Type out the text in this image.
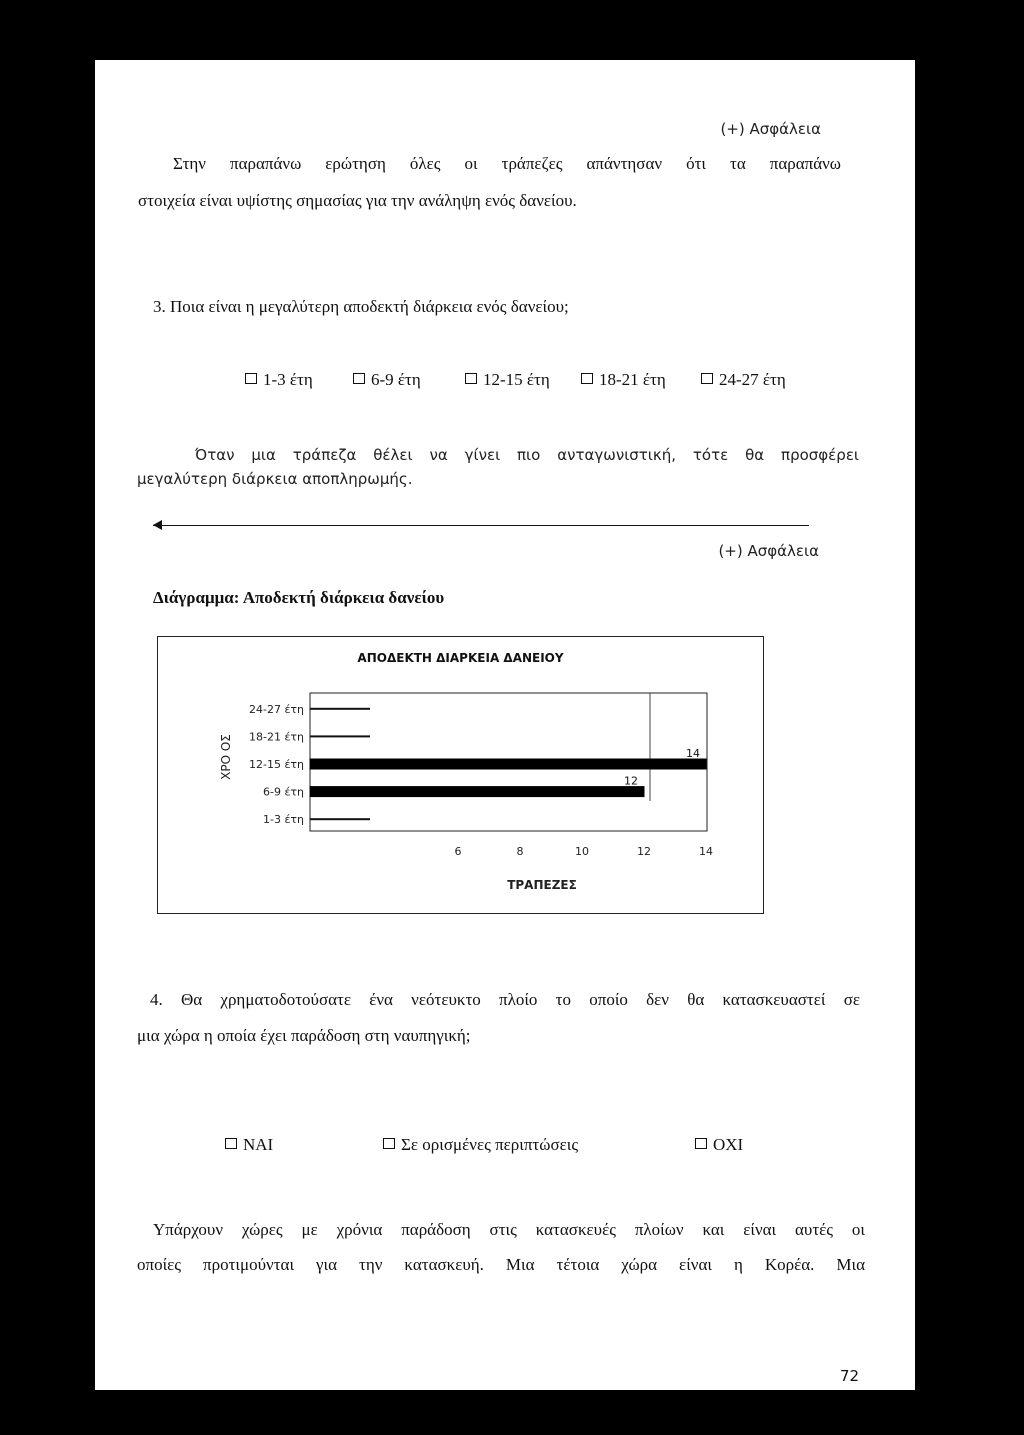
(+) Ασφάλεια
Στην παραπάνω ερώτηση όλες οι τράπεζες απάντησαν ότι τα παραπάνω
στοιχεία είναι υψίστης σημασίας για την ανάληψη ενός δανείου.
3. Ποια είναι η μεγαλύτερη αποδεκτή διάρκεια ενός δανείου;
1-3 έτη	6-9 έτη	12-15 έτη	18-21 έτη	24-27 έτη
Όταν μια τράπεζα θέλει να γίνει πιο ανταγωνιστική, τότε θα προσφέρει
μεγαλύτερη διάρκεια αποπληρωμής.
(+) Ασφάλεια
Διάγραμμα: Αποδεκτή διάρκεια δανείου
ΑΠΟΔΕΚΤΗ ΔΙΑΡΚΕΙΑ ΔΑΝΕΙΟΥ
ΧΡΟ ΟΣ
ΤΡΑΠΕΖΕΣ
24-27 έτη
18-21 έτη
12-15 έτη
14
6-9 έτη
12
1-3 έτη
6	8	10	12	14
4. Θα χρηματοδοτούσατε ένα νεότευκτο πλοίο το οποίο δεν θα κατασκευαστεί σε
μια χώρα η οποία έχει παράδοση στη ναυπηγική;
ΝΑΙ	Σε ορισμένες περιπτώσεις	ΟΧΙ
Υπάρχουν χώρες με χρόνια παράδοση στις κατασκευές πλοίων και είναι αυτές οι
οποίες προτιμούνται για την κατασκευή. Μια τέτοια χώρα είναι η Κορέα. Μια
72
